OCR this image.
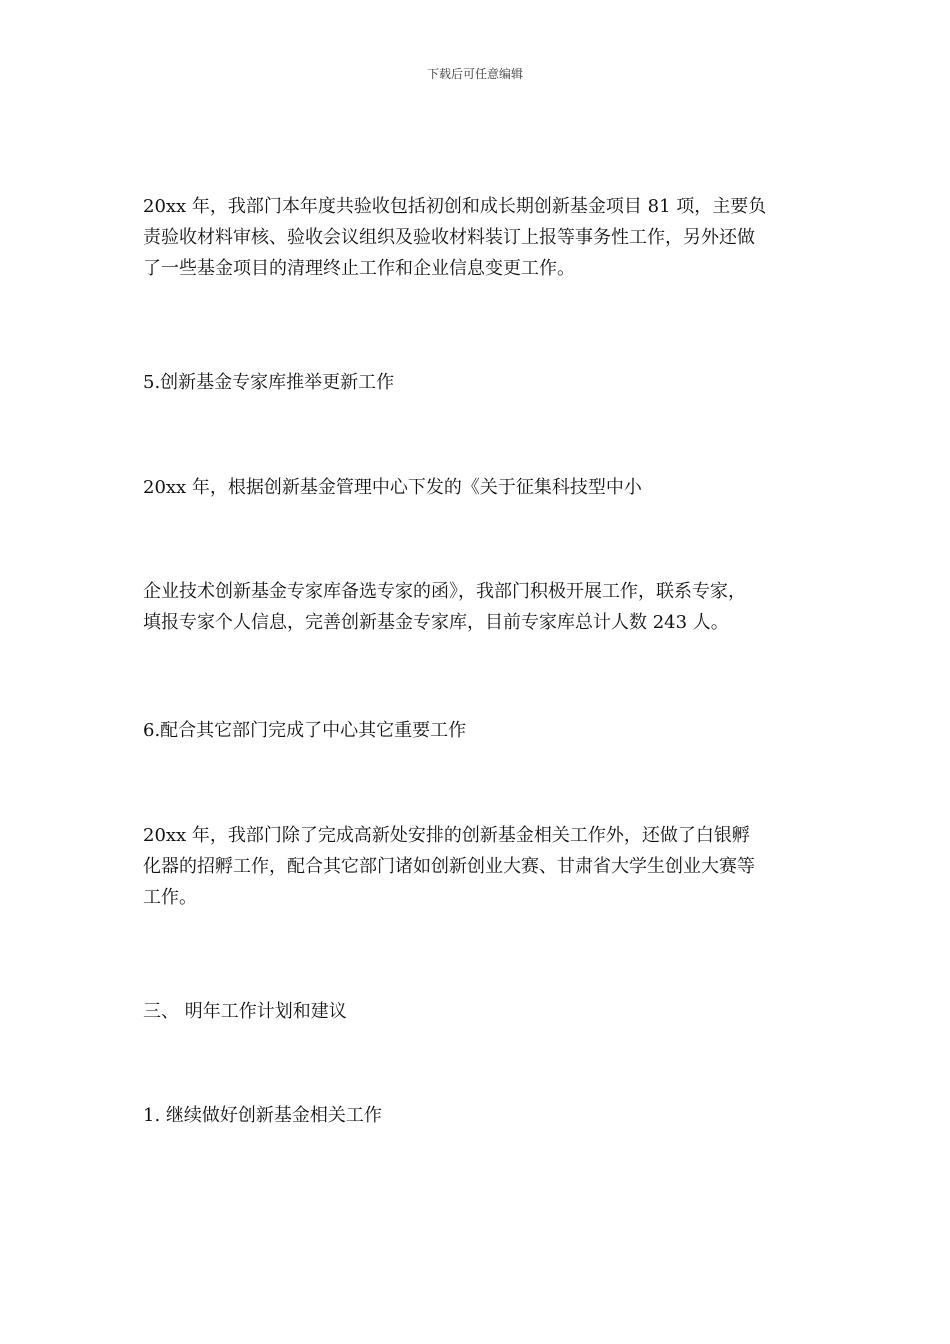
下载后可任意编辑
20xx 年，我部门本年度共验收包括初创和成长期创新基金项目 81 项，主要负
责验收材料审核、验收会议组织及验收材料装订上报等事务性工作，另外还做
了一些基金项目的清理终止工作和企业信息变更工作。
5.创新基金专家库推举更新工作
20xx 年，根据创新基金管理中心下发的《关于征集科技型中小
企业技术创新基金专家库备选专家的函》，我部门积极开展工作，联系专家，
填报专家个人信息，完善创新基金专家库，目前专家库总计人数 243 人。
6.配合其它部门完成了中心其它重要工作
20xx 年，我部门除了完成高新处安排的创新基金相关工作外，还做了白银孵
化器的招孵工作，配合其它部门诸如创新创业大赛、甘肃省大学生创业大赛等
工作。
三、 明年工作计划和建议
1. 继续做好创新基金相关工作
